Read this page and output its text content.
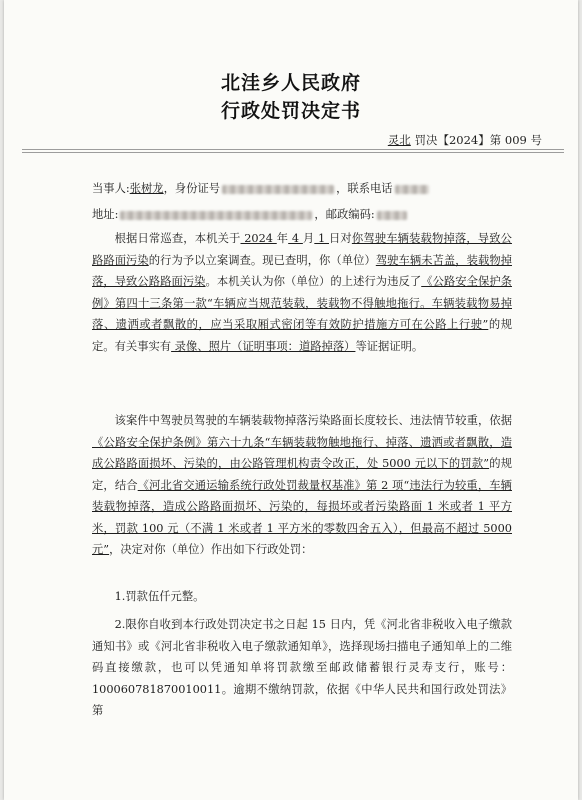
北洼乡人民政府
行政处罚决定书
灵北 罚决【2024】第 009 号
当事人:张树龙，身份证号	，联系电话
地址:	，邮政编码:
根据日常巡查，本机关于 2024 年 4 月 1 日对你驾驶车辆装载物掉落，导致公路路面污染的行为予以立案调查。现已查明，你（单位）驾驶车辆未苫盖，装载物掉落，导致公路路面污染。本机关认为你（单位）的上述行为违反了《公路安全保护条例》第四十三条第一款“车辆应当规范装载，装载物不得触地拖行。车辆装载物易掉落、遗洒或者飘散的，应当采取厢式密闭等有效防护措施方可在公路上行驶”的规定。有关事实有 录像、照片（证明事项：道路掉落）等证据证明。
该案件中驾驶员驾驶的车辆装载物掉落污染路面长度较长、违法情节较重，依据《公路安全保护条例》第六十九条“车辆装载物触地拖行、掉落、遗洒或者飘散，造成公路路面损坏、污染的，由公路管理机构责令改正，处 5000 元以下的罚款”的规定，结合《河北省交通运输系统行政处罚裁量权基准》第 2 项“违法行为较重，车辆装载物掉落，造成公路路面损坏、污染的，每损坏或者污染路面 1 米或者 1 平方米，罚款 100 元（不满 1 米或者 1 平方米的零数四舍五入），但最高不超过 5000 元”，决定对你（单位）作出如下行政处罚：
1.罚款伍仟元整。
2.限你自收到本行政处罚决定书之日起 15 日内，凭《河北省非税收入电子缴款通知书》或《河北省非税收入电子缴款通知单》，选择现场扫描电子通知单上的二维码直接缴款，也可以凭通知单将罚款缴至邮政储蓄银行灵寿支行，账号：100060781870010011。逾期不缴纳罚款，依据《中华人民共和国行政处罚法》第
